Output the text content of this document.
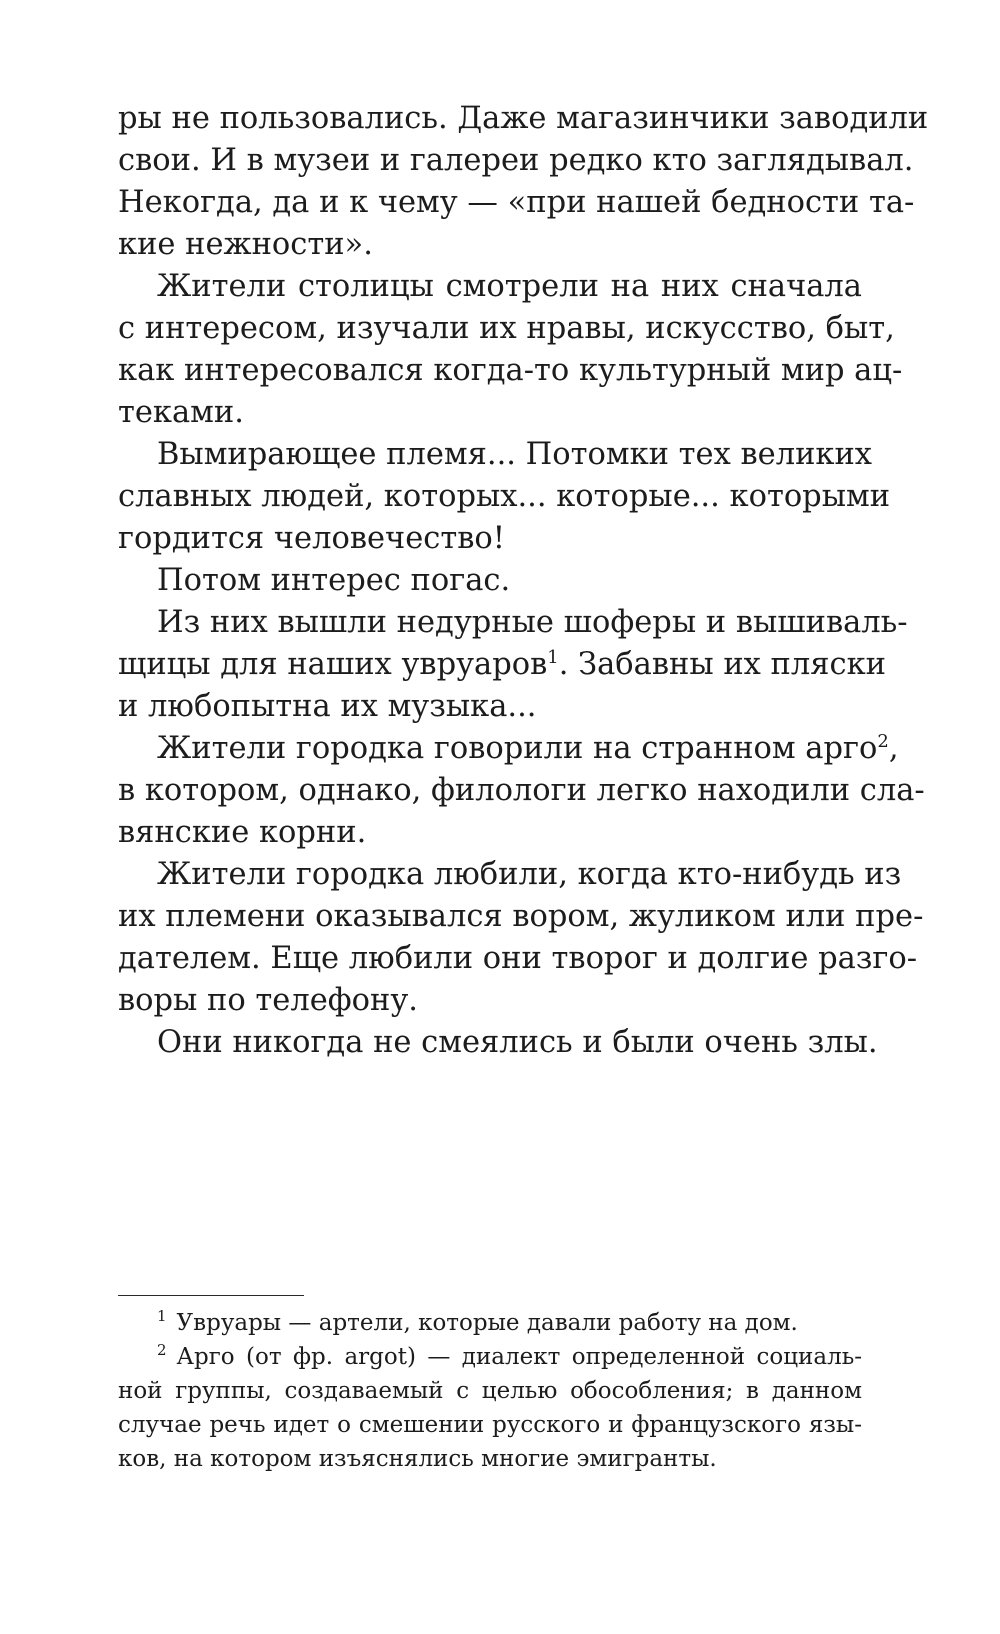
ры не пользовались. Даже магазинчики заводили
свои. И в музеи и галереи редко кто заглядывал.
Некогда, да и к чему — «при нашей бедности та-
кие нежности».
Жители столицы смотрели на них сначала
с интересом, изучали их нравы, искусство, быт,
как интересовался когда-то культурный мир ац-
теками.
Вымирающее племя... Потомки тех великих
славных людей, которых... которые... которыми
гордится человечество!
Потом интерес погас.
Из них вышли недурные шоферы и вышиваль-
щицы для наших увруаров$^1$. Забавны их пляски
и любопытна их музыка...
Жители городка говорили на странном арго$^2$,
в котором, однако, филологи легко находили сла-
вянские корни.
Жители городка любили, когда кто-нибудь из
их племени оказывался вором, жуликом или пре-
дателем. Еще любили они творог и долгие разго-
воры по телефону.
Они никогда не смеялись и были очень злы.
$^1$ Увруары — артели, которые давали работу на дом.
$^2$ Арго (от фр. argot) — диалект определенной социаль-
ной группы, создаваемый с целью обособления; в данном
случае речь идет о смешении русского и французского язы-
ков, на котором изъяснялись многие эмигранты.
